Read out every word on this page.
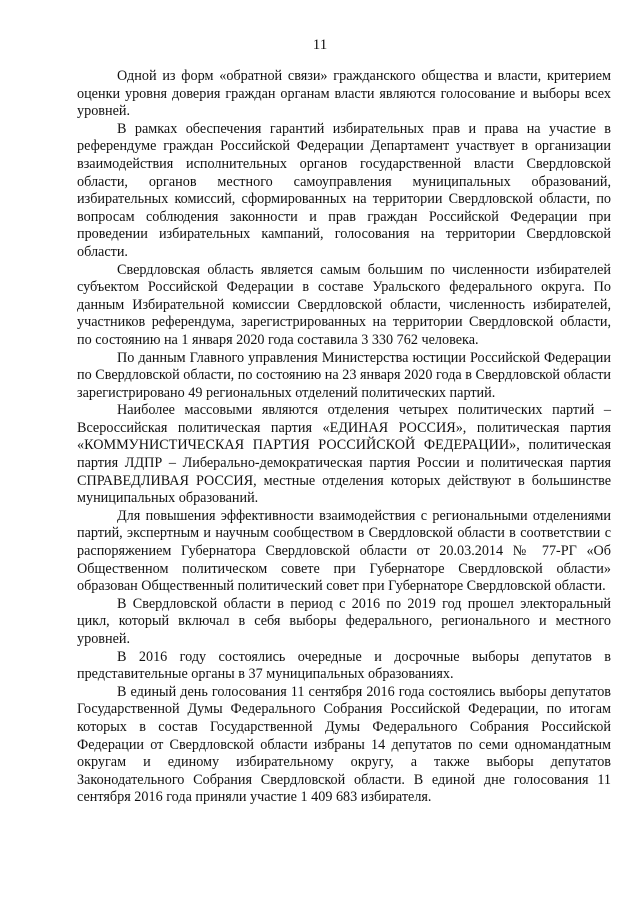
11

Одной из форм «обратной связи» гражданского общества и власти, критерием оценки уровня доверия граждан органам власти являются голосование и выборы всех уровней.

В рамках обеспечения гарантий избирательных прав и права на участие в референдуме граждан Российской Федерации Департамент участвует в организации взаимодействия исполнительных органов государственной власти Свердловской области, органов местного самоуправления муниципальных образований, избирательных комиссий, сформированных на территории Свердловской области, по вопросам соблюдения законности и прав граждан Российской Федерации при проведении избирательных кампаний, голосования на территории Свердловской области.

Свердловская область является самым большим по численности избирателей субъектом Российской Федерации в составе Уральского федерального округа. По данным Избирательной комиссии Свердловской области, численность избирателей, участников референдума, зарегистрированных на территории Свердловской области, по состоянию на 1 января 2020 года составила 3 330 762 человека.

По данным Главного управления Министерства юстиции Российской Федерации по Свердловской области, по состоянию на 23 января 2020 года в Свердловской области зарегистрировано 49 региональных отделений политических партий.

Наиболее массовыми являются отделения четырех политических партий – Всероссийская политическая партия «ЕДИНАЯ РОССИЯ», политическая партия «КОММУНИСТИЧЕСКАЯ ПАРТИЯ РОССИЙСКОЙ ФЕДЕРАЦИИ», политическая партия ЛДПР – Либерально-демократическая партия России и политическая партия СПРАВЕДЛИВАЯ РОССИЯ, местные отделения которых действуют в большинстве муниципальных образований.

Для повышения эффективности взаимодействия с региональными отделениями партий, экспертным и научным сообществом в Свердловской области в соответствии с распоряжением Губернатора Свердловской области от 20.03.2014 № 77-РГ «Об Общественном политическом совете при Губернаторе Свердловской области» образован Общественный политический совет при Губернаторе Свердловской области.

В Свердловской области в период с 2016 по 2019 год прошел электоральный цикл, который включал в себя выборы федерального, регионального и местного уровней.

В 2016 году состоялись очередные и досрочные выборы депутатов в представительные органы в 37 муниципальных образованиях.

В единый день голосования 11 сентября 2016 года состоялись выборы депутатов Государственной Думы Федерального Собрания Российской Федерации, по итогам которых в состав Государственной Думы Федерального Собрания Российской Федерации от Свердловской области избраны 14 депутатов по семи одномандатным округам и единому избирательному округу, а также выборы депутатов Законодательного Собрания Свердловской области. В единой дне голосования 11 сентября 2016 года приняли участие 1 409 683 избирателя.
